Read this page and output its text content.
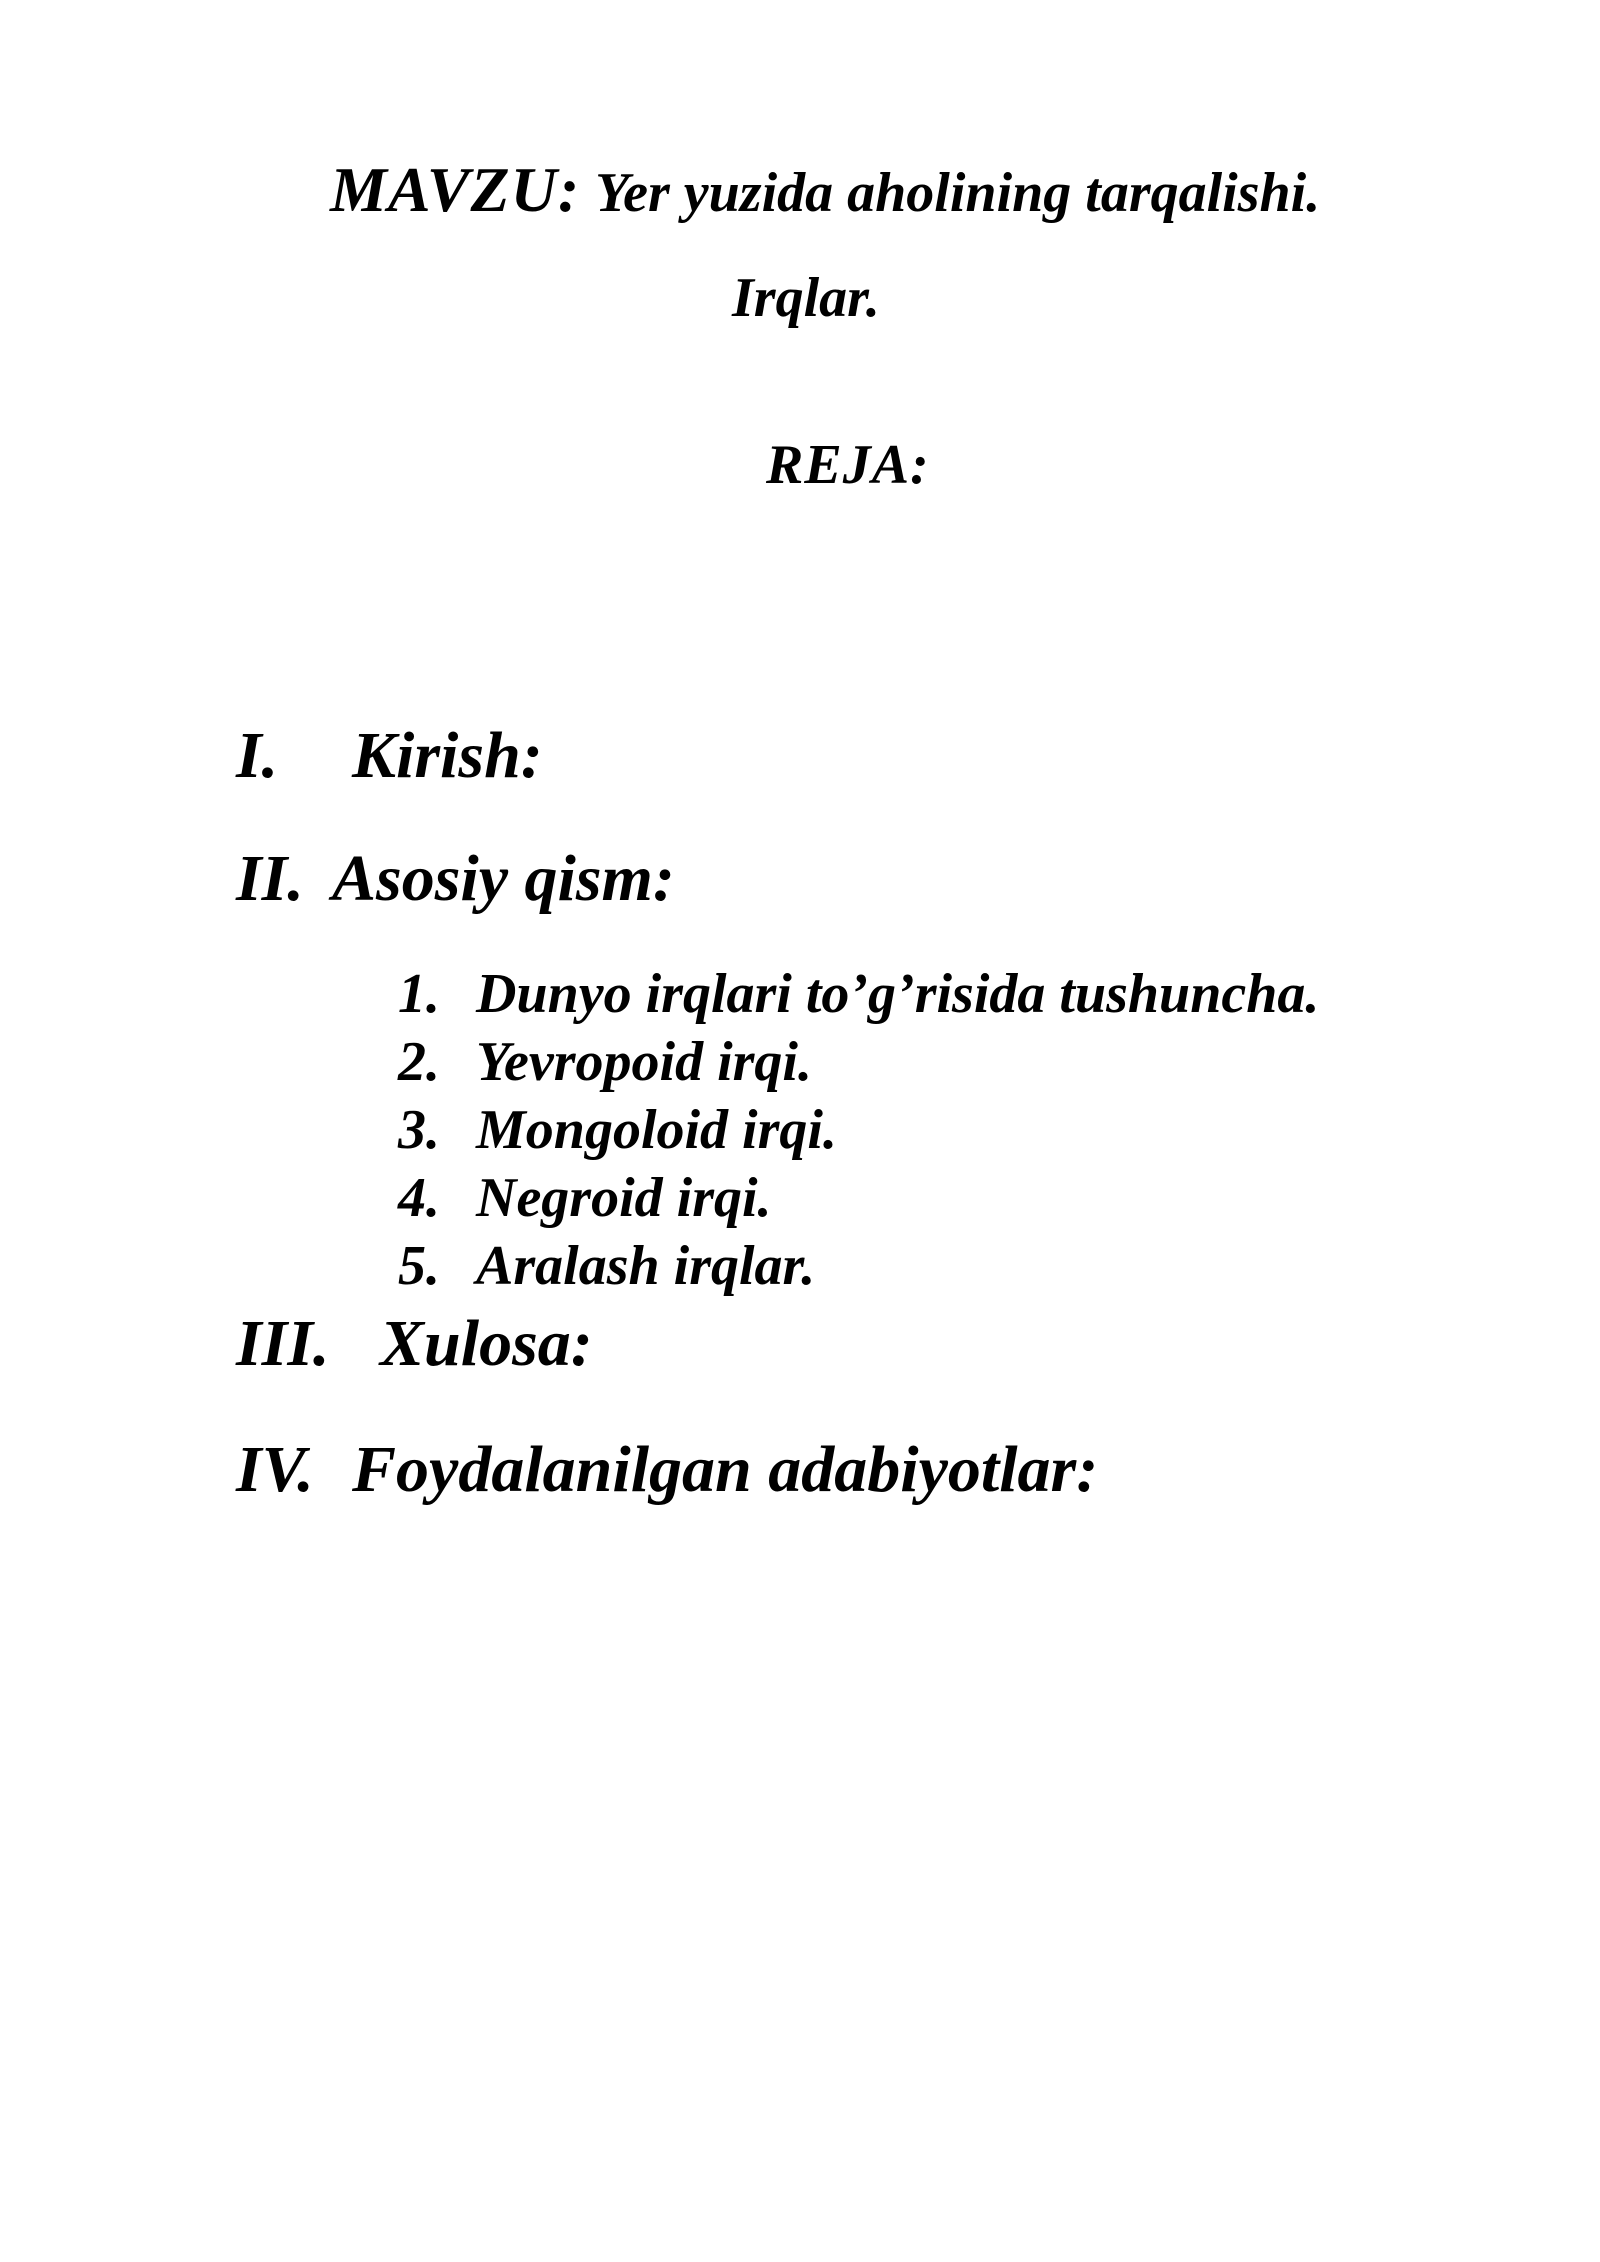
MAVZU: Yer yuzida aholining tarqalishi.
Irqlar.
REJA:
I. Kirish:
II. Asosiy qism:
1. Dunyo irqlari to’g’risida tushuncha.
2. Yevropoid irqi.
3. Mongoloid irqi.
4. Negroid irqi.
5. Aralash irqlar.
III. Xulosa:
IV. Foydalanilgan adabiyotlar:
